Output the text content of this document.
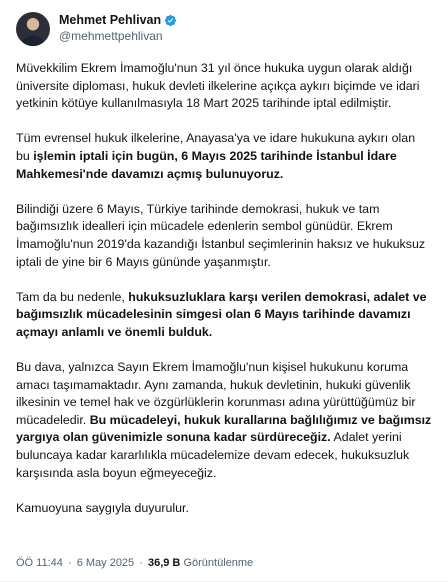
Mehmet Pehlivan
@mehmettpehlivan

Müvekkilim Ekrem İmamoğlu'nun 31 yıl önce hukuka uygun olarak aldığı üniversite diploması, hukuk devleti ilkelerine açıkça aykırı biçimde ve idari yetkinin kötüye kullanılmasıyla 18 Mart 2025 tarihinde iptal edilmiştir.

Tüm evrensel hukuk ilkelerine, Anayasa'ya ve idare hukukuna aykırı olan bu işlemin iptali için bugün, 6 Mayıs 2025 tarihinde İstanbul İdare Mahkemesi'nde davamızı açmış bulunuyoruz.

Bilindiği üzere 6 Mayıs, Türkiye tarihinde demokrasi, hukuk ve tam bağımsızlık idealleri için mücadele edenlerin sembol günüdür. Ekrem İmamoğlu'nun 2019'da kazandığı İstanbul seçimlerinin haksız ve hukuksuz iptali de yine bir 6 Mayıs gününde yaşanmıştır.

Tam da bu nedenle, hukuksuzluklara karşı verilen demokrasi, adalet ve bağımsızlık mücadelesinin simgesi olan 6 Mayıs tarihinde davamızı açmayı anlamlı ve önemli bulduk.

Bu dava, yalnızca Sayın Ekrem İmamoğlu'nun kişisel hukukunu koruma amacı taşımamaktadır. Aynı zamanda, hukuk devletinin, hukuki güvenlik ilkesinin ve temel hak ve özgürlüklerin korunması adına yürüttüğümüz bir mücadeledir. Bu mücadeleyi, hukuk kurallarına bağlılığımız ve bağımsız yargıya olan güvenimizle sonuna kadar sürdüreceğiz. Adalet yerini buluncaya kadar kararlılıkla mücadelemize devam edecek, hukuksuzluk karşısında asla boyun eğmeyeceğiz.

Kamuoyuna saygıyla duyurulur.

ÖÖ 11:44 · 6 May 2025 · 36,9 B Görüntülenme
